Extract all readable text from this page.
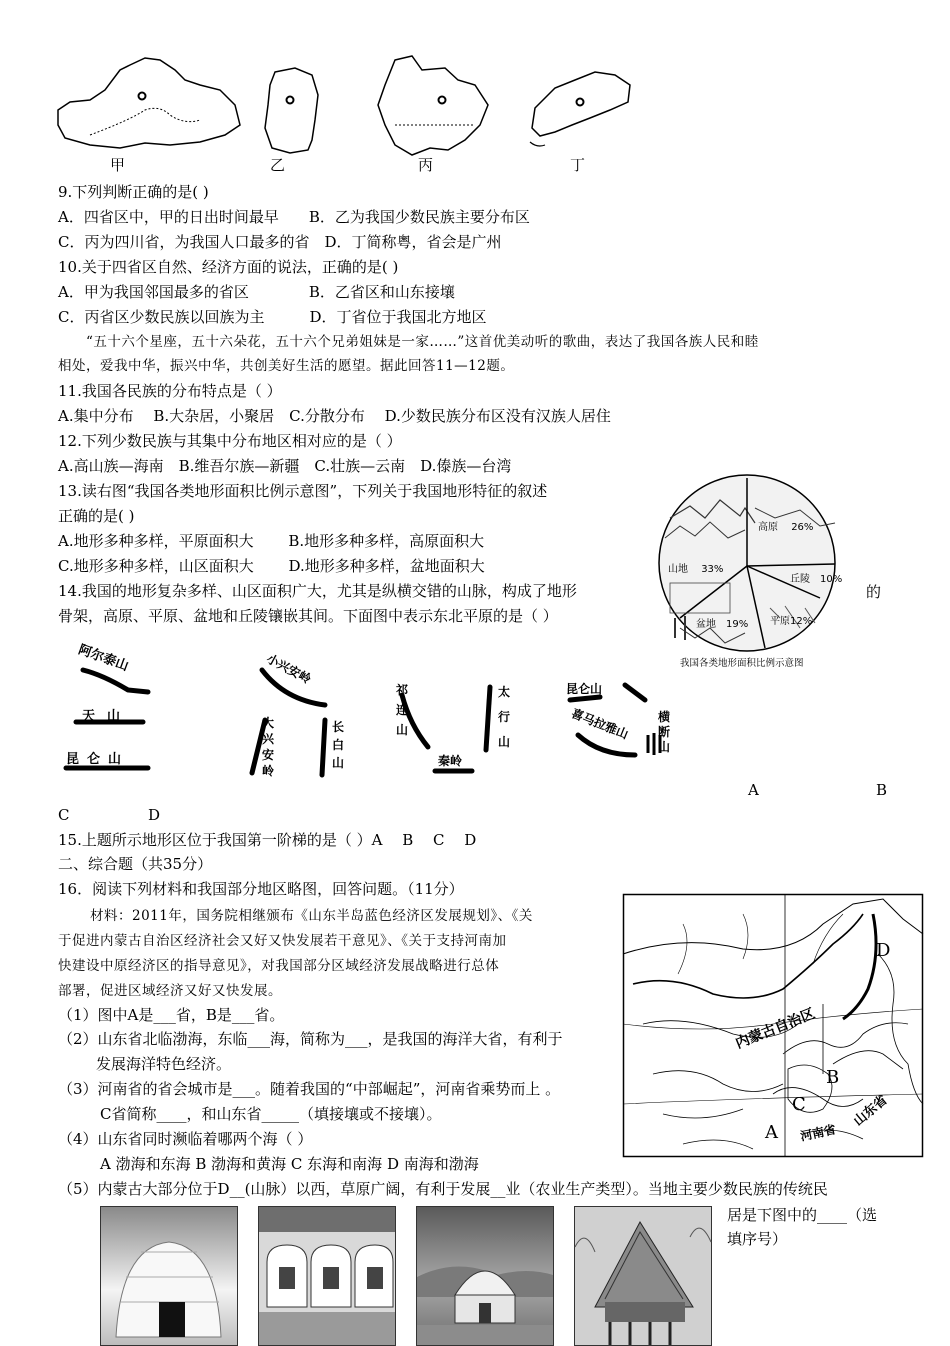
甲	乙	丙	丁
9.下列判断正确的是( )
A．四省区中，甲的日出时间最早　　B．乙为我国少数民族主要分布区
C．丙为四川省，为我国人口最多的省　D．丁简称粤，省会是广州
10.关于四省区自然、经济方面的说法，正确的是( )
A．甲为我国邻国最多的省区　　　　B．乙省区和山东接壤
C．丙省区少数民族以回族为主　　　D．丁省位于我国北方地区
“五十六个星座，五十六朵花，五十六个兄弟姐妹是一家……”这首优美动听的歌曲，表达了我国各族人民和睦
相处，爱我中华，振兴中华，共创美好生活的愿望。据此回答11—12题。
11.我国各民族的分布特点是（ ）
A.集中分布　 B.大杂居，小聚居　C.分散分布　 D.少数民族分布区没有汉族人居住
12.下列少数民族与其集中分布地区相对应的是（ ）
A.高山族—海南　B.维吾尔族—新疆　C.壮族—云南　D.傣族—台湾
13.读右图“我国各类地形面积比例示意图”，下列关于我国地形特征的叙述
正确的是( )
A.地形多种多样，平原面积大　　 B.地形多种多样，高原面积大
C.地形多种多样，山区面积大　　 D.地形多种多样，盆地面积大
14.我国的地形复杂多样、山区面积广大，尤其是纵横交错的山脉，构成了地形	的
骨架，高原、平原、盆地和丘陵镶嵌其间。下面图中表示东北平原的是（ ）
高原　 26%
山地　 33%
丘陵　 10%
平原12%
盆地　 19%
我国各类地形面积比例示意图
阿尔泰山
天山
昆仑山
小兴安岭
大兴安岭
长白山
祁连山
太行山
秦岭
昆仑山
喜马拉雅山 横断山
A	B
C	D
15.上题所示地形区位于我国第一阶梯的是（ ）A　 B　 C　 D
二、综合题（共35分）
16．阅读下列材料和我国部分地区略图，回答问题。（11分）
材料：2011年，国务院相继颁布《山东半岛蓝色经济区发展规划》、《关
于促进内蒙古自治区经济社会又好又快发展若干意见》、《关于支持河南加
快建设中原经济区的指导意见》，对我国部分区域经济发展战略进行总体
部署，促进区域经济又好又快发展。
（1）图中A是___省，B是___省。
（2）山东省北临渤海，东临___海，简称为___，是我国的海洋大省，有利于
发展海洋特色经济。
（3）河南省的省会城市是___。随着我国的“中部崛起”，河南省乘势而上 。
C省简称____，和山东省_____（填接壤或不接壤）。
（4）山东省同时濒临着哪两个海（ ）
A 渤海和东海 B 渤海和黄海 C 东海和南海 D 南海和渤海
（5）内蒙古大部分位于D__(山脉）以西，草原广阔，有利于发展__业（农业生产类型）。当地主要少数民族的传统民
居是下图中的____（选
填序号）
D
内蒙古自治区
B
C
A 河南省
山东省
